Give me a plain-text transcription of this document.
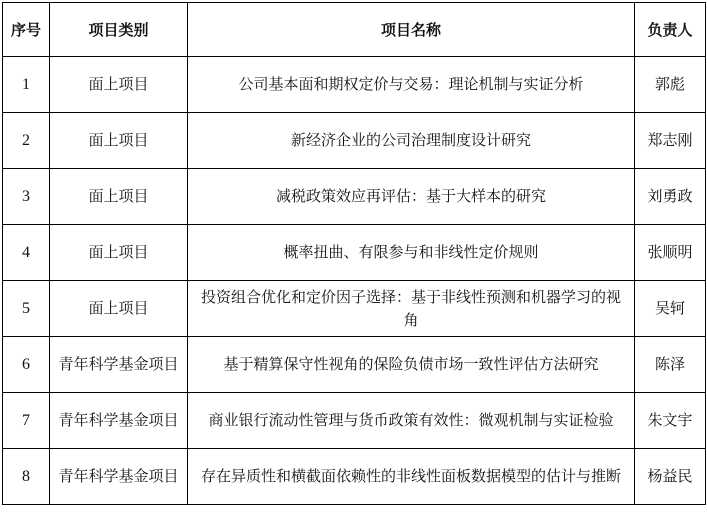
序号	项目类别	项目名称	负责人
1	面上项目	公司基本面和期权定价与交易：理论机制与实证分析	郭彪
2	面上项目	新经济企业的公司治理制度设计研究	郑志刚
3	面上项目	减税政策效应再评估：基于大样本的研究	刘勇政
4	面上项目	概率扭曲、有限参与和非线性定价规则	张顺明
5	面上项目	投资组合优化和定价因子选择：基于非线性预测和机器学习的视角	吴轲
6	青年科学基金项目	基于精算保守性视角的保险负债市场一致性评估方法研究	陈泽
7	青年科学基金项目	商业银行流动性管理与货币政策有效性：微观机制与实证检验	朱文宇
8	青年科学基金项目	存在异质性和横截面依赖性的非线性面板数据模型的估计与推断	杨益民
